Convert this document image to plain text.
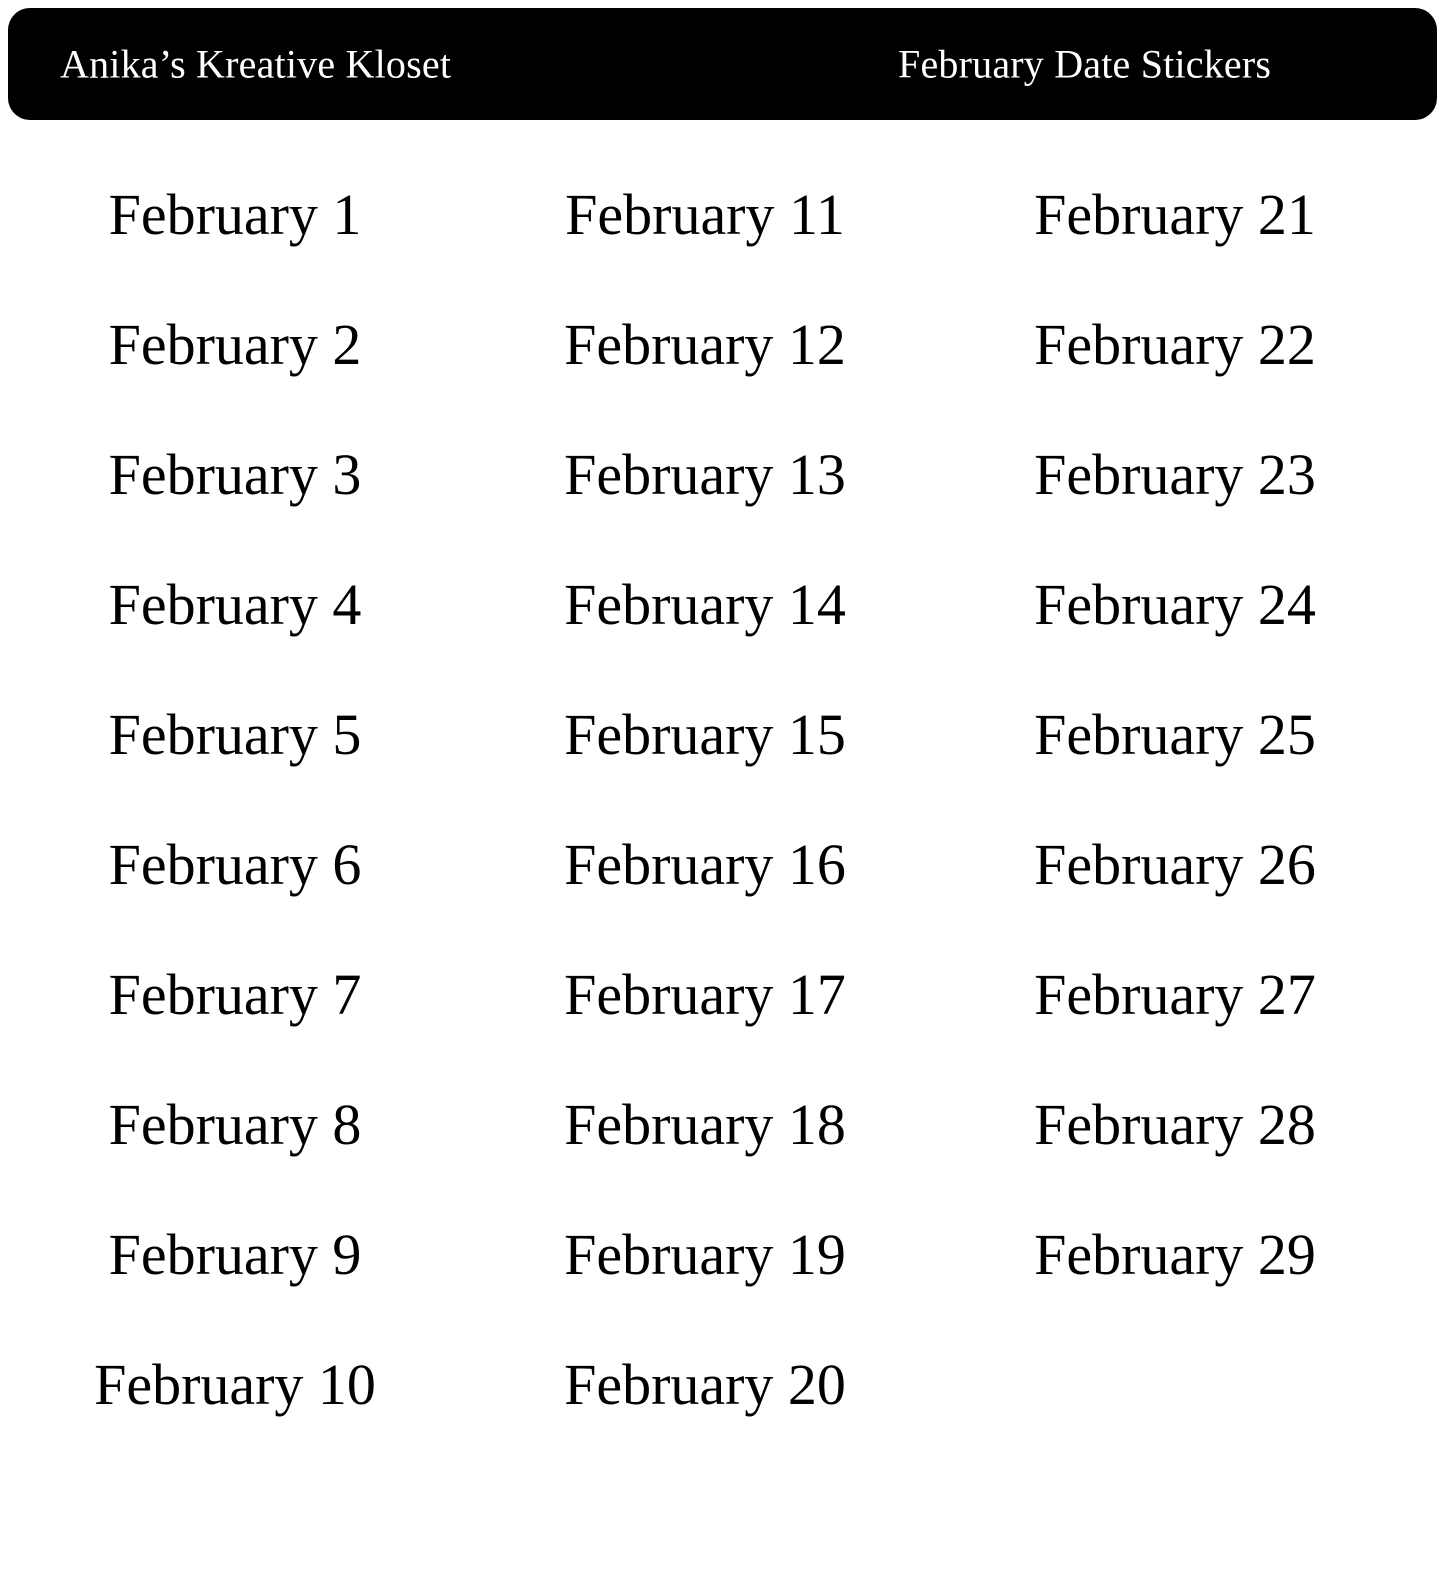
Anika’s Kreative Kloset	February Date Stickers
February 1
February 2
February 3
February 4
February 5
February 6
February 7
February 8
February 9
February 10
February 11
February 12
February 13
February 14
February 15
February 16
February 17
February 18
February 19
February 20
February 21
February 22
February 23
February 24
February 25
February 26
February 27
February 28
February 29
